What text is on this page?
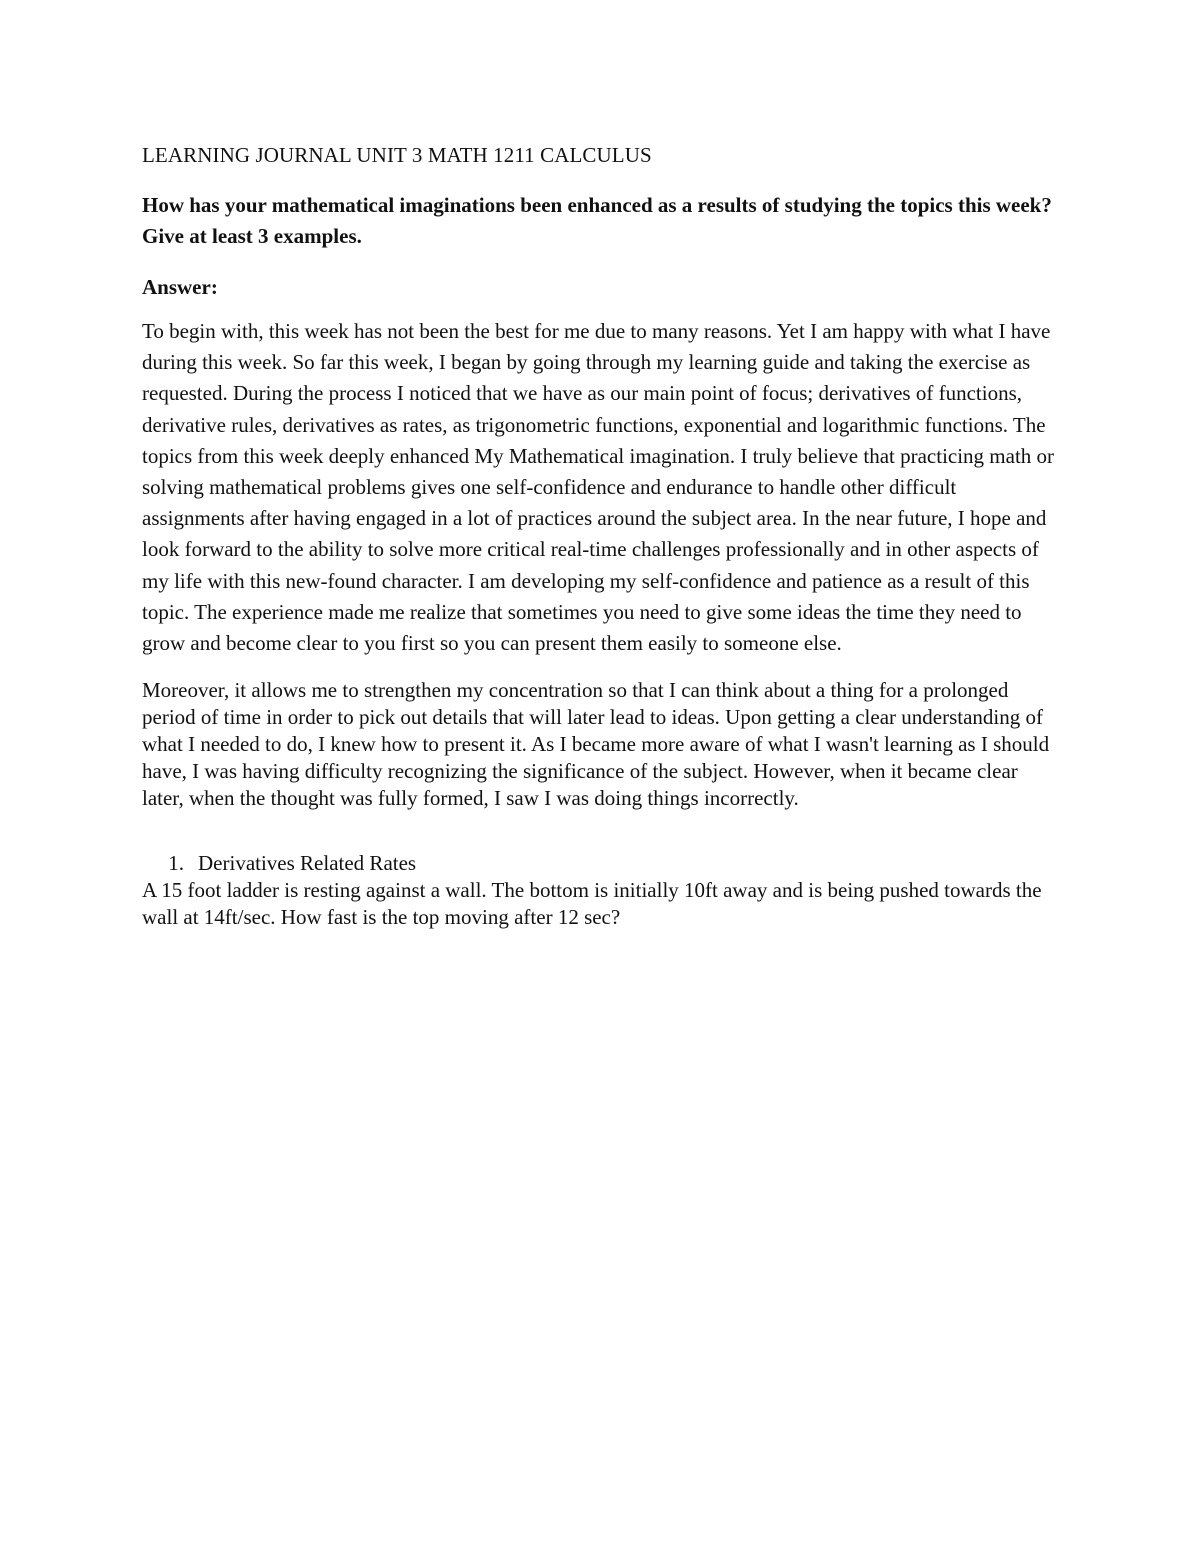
LEARNING JOURNAL UNIT 3 MATH 1211 CALCULUS

How has your mathematical imaginations been enhanced as a results of studying the topics this week? Give at least 3 examples.

Answer:

To begin with, this week has not been the best for me due to many reasons. Yet I am happy with what I have during this week. So far this week, I began by going through my learning guide and taking the exercise as requested. During the process I noticed that we have as our main point of focus; derivatives of functions, derivative rules, derivatives as rates, as trigonometric functions, exponential and logarithmic functions. The topics from this week deeply enhanced My Mathematical imagination. I truly believe that practicing math or solving mathematical problems gives one self-confidence and endurance to handle other difficult assignments after having engaged in a lot of practices around the subject area. In the near future, I hope and look forward to the ability to solve more critical real-time challenges professionally and in other aspects of my life with this new-found character. I am developing my self-confidence and patience as a result of this topic. The experience made me realize that sometimes you need to give some ideas the time they need to grow and become clear to you first so you can present them easily to someone else.

Moreover, it allows me to strengthen my concentration so that I can think about a thing for a prolonged period of time in order to pick out details that will later lead to ideas. Upon getting a clear understanding of what I needed to do, I knew how to present it. As I became more aware of what I wasn't learning as I should have, I was having difficulty recognizing the significance of the subject. However, when it became clear later, when the thought was fully formed, I saw I was doing things incorrectly.

1. Derivatives Related Rates

A 15 foot ladder is resting against a wall. The bottom is initially 10ft away and is being pushed towards the wall at 14ft/sec. How fast is the top moving after 12 sec?
